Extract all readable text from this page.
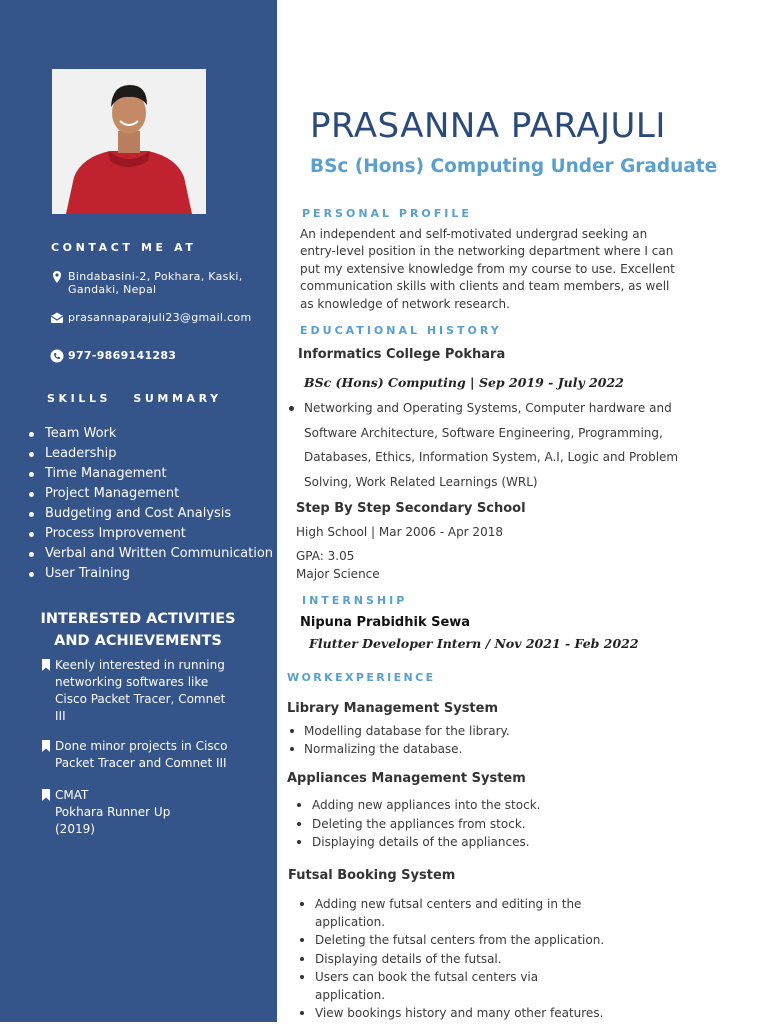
CONTACT ME AT
Bindabasini-2, Pokhara, Kaski,
Gandaki, Nepal
prasannaparajuli23@gmail.com
977-9869141283
SKILLS   SUMMARY
Team Work
Leadership
Time Management
Project Management
Budgeting and Cost Analysis
Process Improvement
Verbal and Written Communication
User Training
INTERESTED ACTIVITIES
AND ACHIEVEMENTS
Keenly interested in running
networking softwares like
Cisco Packet Tracer, Comnet
III
Done minor projects in Cisco
Packet Tracer and Comnet III
CMAT
Pokhara Runner Up
(2019)
PRASANNA PARAJULI
BSc (Hons) Computing Under Graduate
PERSONAL PROFILE
An independent and self-motivated undergrad seeking an entry-level position in the networking department where I can put my extensive knowledge from my course to use. Excellent communication skills with clients and team members, as well as knowledge of network research.
EDUCATIONAL HISTORY
Informatics College Pokhara
BSc (Hons) Computing | Sep 2019 - July 2022
Networking and Operating Systems, Computer hardware and Software Architecture, Software Engineering, Programming, Databases, Ethics, Information System, A.I, Logic and Problem Solving, Work Related Learnings (WRL)
Step By Step Secondary School
High School | Mar 2006 - Apr 2018
GPA: 3.05
Major Science
INTERNSHIP
Nipuna Prabidhik Sewa
Flutter Developer Intern / Nov 2021 - Feb 2022
WORKEXPERIENCE
Library Management System
Modelling database for the library.
Normalizing the database.
Appliances Management System
Adding new appliances into the stock.
Deleting the appliances from stock.
Displaying details of the appliances.
Futsal Booking System
Adding new futsal centers and editing in the application.
Deleting the futsal centers from the application.
Displaying details of the futsal.
Users can book the futsal centers via application.
View bookings history and many other features.
